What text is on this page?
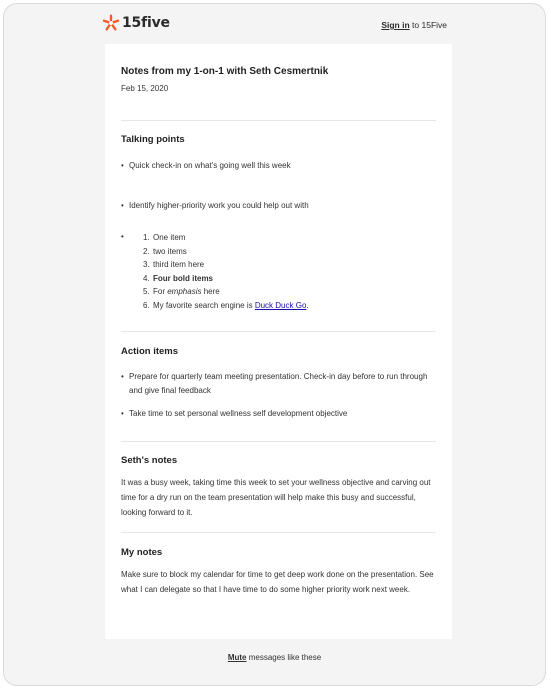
15five	Sign in to 15Five
Notes from my 1-on-1 with Seth Cesmertnik
Feb 15, 2020
Talking points
• Quick check-in on what's going well this week
• Identify higher-priority work you could help out with
1. One item
2. two items
3. third item here
4. Four bold items
5. For emphasis here
6. My favorite search engine is Duck Duck Go.
Action items
• Prepare for quarterly team meeting presentation. Check-in day before to run through and give final feedback
• Take time to set personal wellness self development objective
Seth's notes
It was a busy week, taking time this week to set your wellness objective and carving out time for a dry run on the team presentation will help make this busy and successful, looking forward to it.
My notes
Make sure to block my calendar for time to get deep work done on the presentation. See what I can delegate so that I have time to do some higher priority work next week.
Mute messages like these
